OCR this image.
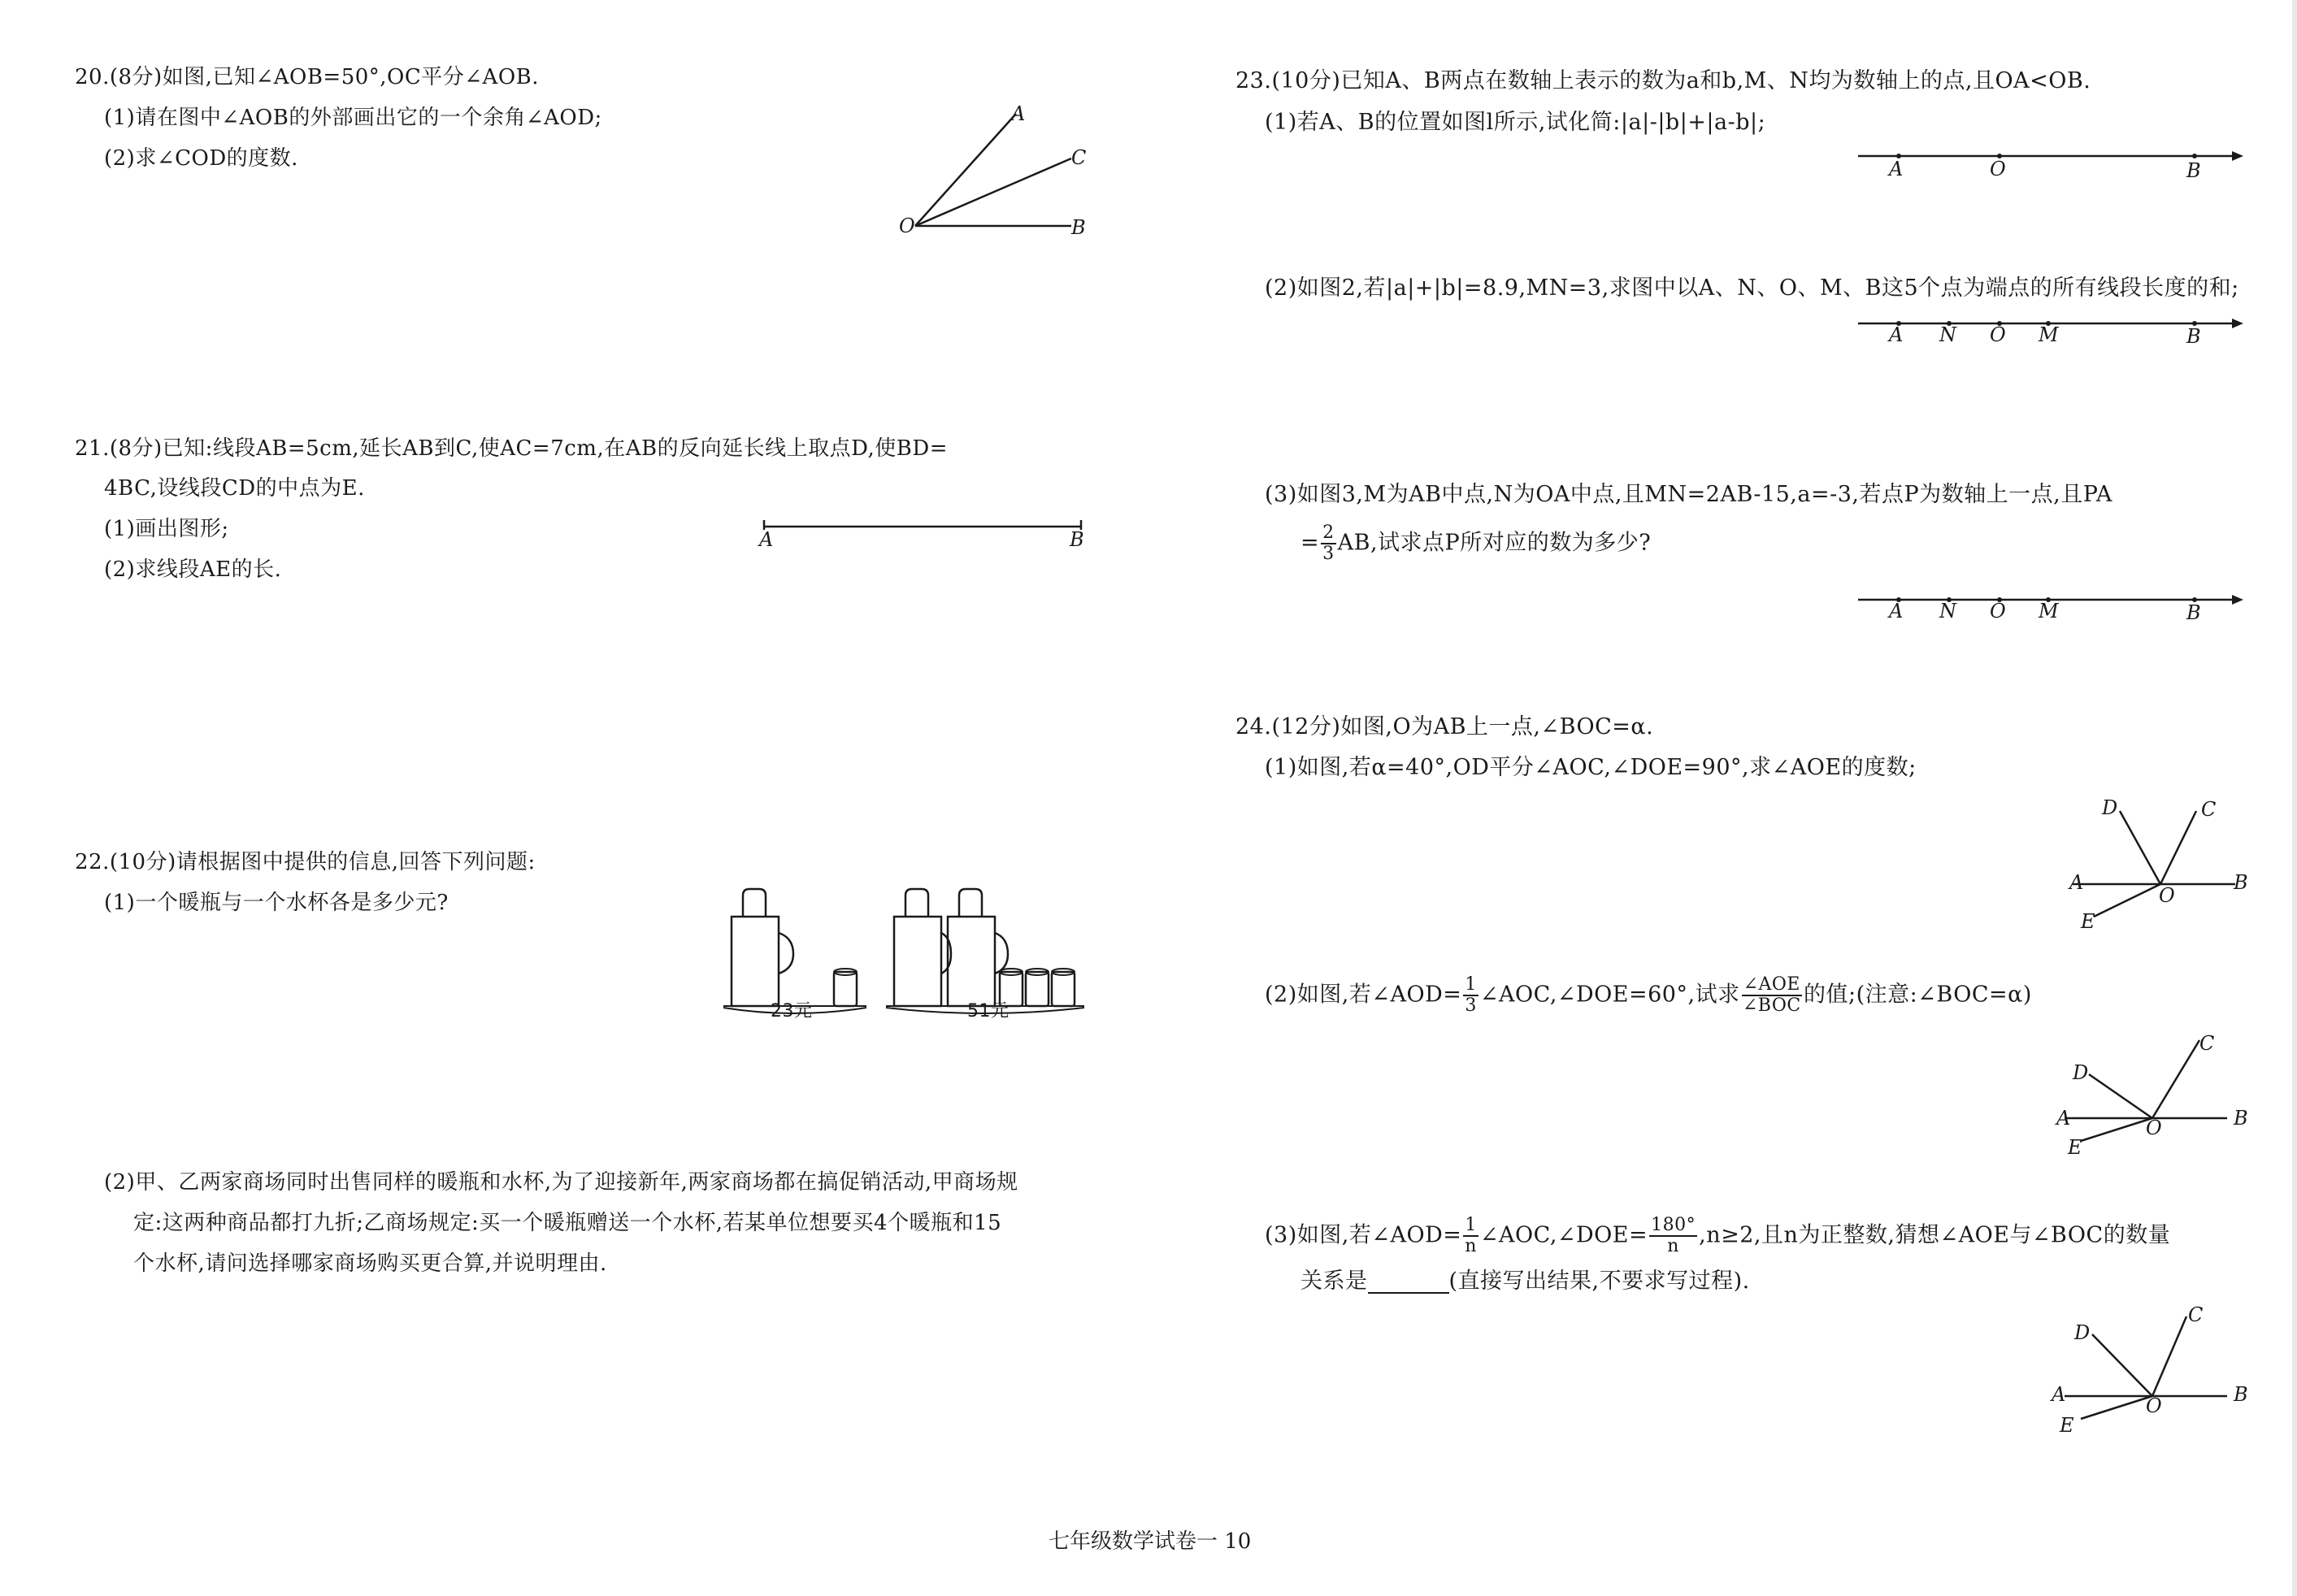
20.(8分)如图,已知∠AOB=50°,OC平分∠AOB.
(1)请在图中∠AOB的外部画出它的一个余角∠AOD;
(2)求∠COD的度数.
A
C
O	B
21.(8分)已知:线段AB=5cm,延长AB到C,使AC=7cm,在AB的反向延长线上取点D,使BD=
4BC,设线段CD的中点为E.
(1)画出图形;
(2)求线段AE的长.
A	B
22.(10分)请根据图中提供的信息,回答下列问题:
(1)一个暖瓶与一个水杯各是多少元?
23元	51元
(2)甲、乙两家商场同时出售同样的暖瓶和水杯,为了迎接新年,两家商场都在搞促销活动,甲商场规
定:这两种商品都打九折;乙商场规定:买一个暖瓶赠送一个水杯,若某单位想要买4个暖瓶和15
个水杯,请问选择哪家商场购买更合算,并说明理由.
23.(10分)已知A、B两点在数轴上表示的数为a和b,M、N均为数轴上的点,且OA<OB.
(1)若A、B的位置如图l所示,试化简:|a|-|b|+|a-b|;
A	O	B
(2)如图2,若|a|+|b|=8.9,MN=3,求图中以A、N、O、M、B这5个点为端点的所有线段长度的和;
A N O M	B
(3)如图3,M为AB中点,N为OA中点,且MN=2AB-15,a=-3,若点P为数轴上一点,且PA
= $\frac{2}{3}$ AB,试求点P所对应的数为多少?
A N O M	B
24.(12分)如图,O为AB上一点,∠BOC=α.
(1)如图,若α=40°,OD平分∠AOC,∠DOE=90°,求∠AOE的度数;
D	C
A
O
B
E
(2)如图,若∠AOD= $\frac{1}{3}$ ∠AOC,∠DOE=60°,试求 $\frac{\text{∠AOE}}{\text{∠BOC}}$ 的值;(注意:∠BOC=α)
D
C
A	O	B
E
(3)如图,若∠AOD= $\frac{1}{n}$ ∠AOC,∠DOE= $\frac{180^\circ}{n} ,n\ge 2$,且n为正整数,猜想∠AOE与∠BOC的数量
关系是	(直接写出结果,不要求写过程).
D
C
A	O	B
E
七年级数学试卷一 10
